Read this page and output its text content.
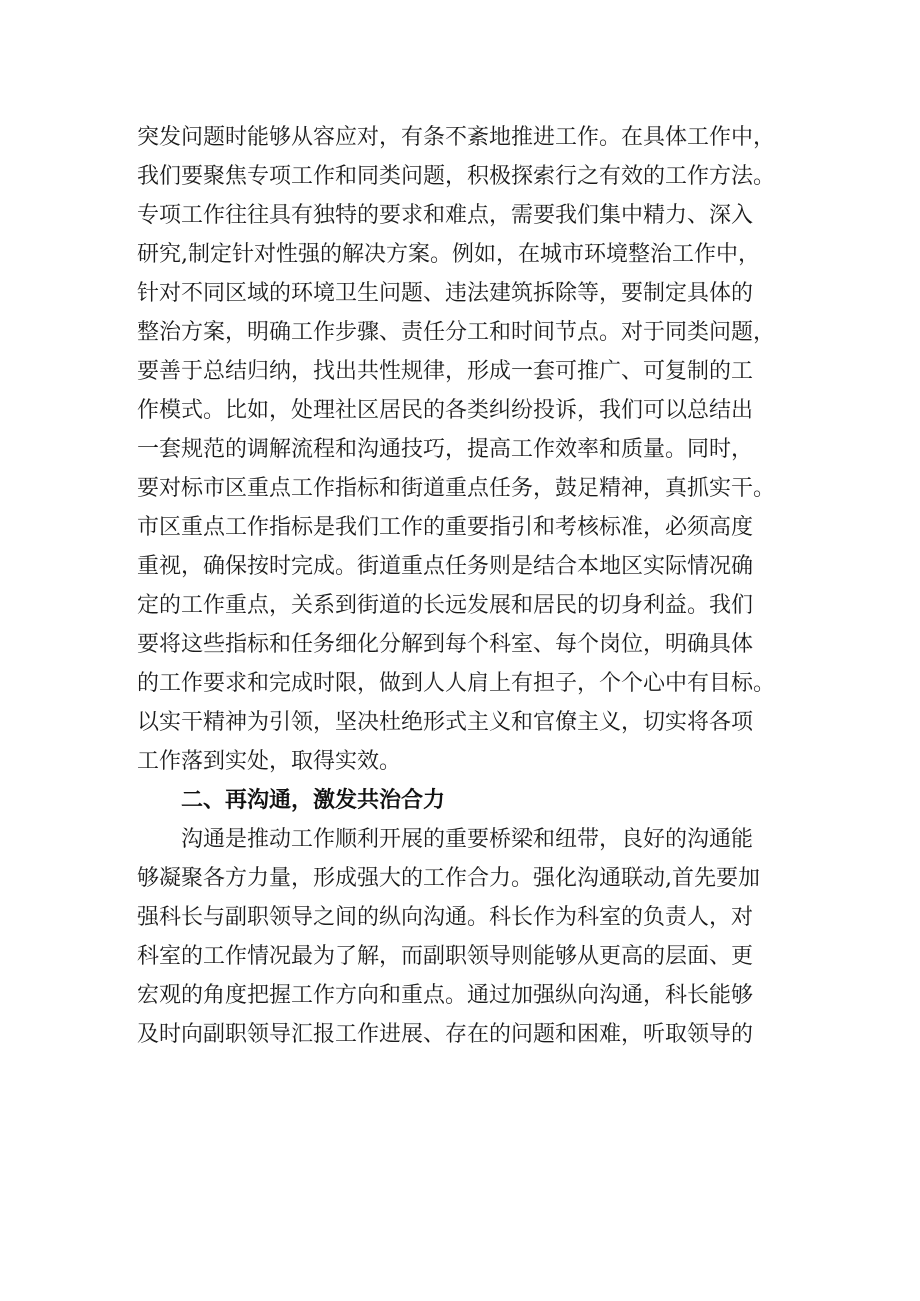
突发问题时能够从容应对，有条不紊地推进工作。在具体工作中，
我们要聚焦专项工作和同类问题，积极探索行之有效的工作方法。
专项工作往往具有独特的要求和难点，需要我们集中精力、深入
研究,制定针对性强的解决方案。例如，在城市环境整治工作中，
针对不同区域的环境卫生问题、违法建筑拆除等，要制定具体的
整治方案，明确工作步骤、责任分工和时间节点。对于同类问题，
要善于总结归纳，找出共性规律，形成一套可推广、可复制的工
作模式。比如，处理社区居民的各类纠纷投诉，我们可以总结出
一套规范的调解流程和沟通技巧，提高工作效率和质量。同时，
要对标市区重点工作指标和街道重点任务，鼓足精神，真抓实干。
市区重点工作指标是我们工作的重要指引和考核标准，必须高度
重视，确保按时完成。街道重点任务则是结合本地区实际情况确
定的工作重点，关系到街道的长远发展和居民的切身利益。我们
要将这些指标和任务细化分解到每个科室、每个岗位，明确具体
的工作要求和完成时限，做到人人肩上有担子，个个心中有目标。
以实干精神为引领，坚决杜绝形式主义和官僚主义，切实将各项
工作落到实处，取得实效。
二、再沟通，激发共治合力
沟通是推动工作顺利开展的重要桥梁和纽带，良好的沟通能
够凝聚各方力量，形成强大的工作合力。强化沟通联动,首先要加
强科长与副职领导之间的纵向沟通。科长作为科室的负责人，对
科室的工作情况最为了解，而副职领导则能够从更高的层面、更
宏观的角度把握工作方向和重点。通过加强纵向沟通，科长能够
及时向副职领导汇报工作进展、存在的问题和困难，听取领导的
